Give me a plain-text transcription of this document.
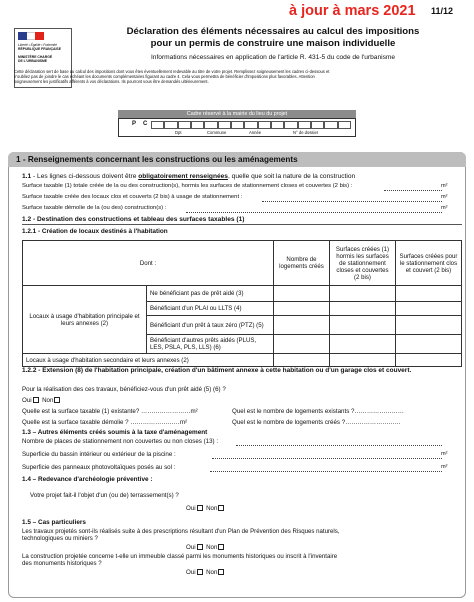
à jour à mars 2021 11/12
Liberté • Égalité • Fraternité
RÉPUBLIQUE FRANÇAISE
MINISTÈRE CHARGÉ
DE L'URBANISME
Déclaration des éléments nécessaires au calcul des impositions
pour un permis de construire une maison individuelle
Informations nécessaires en application de l'article R. 431-5 du code de l'urbanisme
Cette déclaration sert de base au calcul des impositions dont vous êtes éventuellement redevable au titre de votre projet. Remplissez soigneusement les cadres ci-dessous et
n'oubliez pas de joindre le cas échéant les documents complémentaires figurant au cadre 4. Cela vous permettra de bénéficier d'impositions plus favorables. Attention
soigneusement les justificatifs afférents à vos déclarations. Ils pourront vous être demandés ultérieurement.
Cadre réservé à la mairie du lieu du projet
P C
Dpt	Commune	Année	N° de dossier
1 - Renseignements concernant les constructions ou les aménagements
1.1 - Les lignes ci-dessous doivent être obligatoirement renseignées, quelle que soit la nature de la construction
Surface taxable (1) totale créée de la ou des construction(s), hormis les surfaces de stationnement closes et couvertes (2 bis) :	m²
Surface taxable créée des locaux clos et couverts (2 bis) à usage de stationnement :	m²
Surface taxable démolie de la (ou des) construction(s) :	m²
1.2 - Destination des constructions et tableau des surfaces taxables (1)
1.2.1 - Création de locaux destinés à l'habitation
Dont :		Nombre de logements créés	Surfaces créées (1) hormis les surfaces de stationnement closes et couvertes (2 bis)	Surfaces créées pour le stationnement clos et couvert (2 bis)
Locaux à usage d'habitation principale et leurs annexes (2)	Ne bénéficiant pas de prêt aidé (3)			
	Bénéficiant d'un PLAI ou LLTS (4)			
	Bénéficiant d'un prêt à taux zéro (PTZ) (5)			
	Bénéficiant d'autres prêts aidés (PLUS, LES, PSLA, PLS, LLS) (6)			
Locaux à usage d'habitation secondaire et leurs annexes (2)				
1.2.2 - Extension (8) de l'habitation principale, création d'un bâtiment annexe à cette habitation ou d'un garage clos et couvert.
Pour la réalisation des ces travaux, bénéficiez-vous d'un prêt aidé (5) (6) ?
Oui Non
Quelle est la surface taxable (1) existante? ……………………m²	Quel est le nombre de logements existants ?……………………
Quelle est la surface taxable démolie ? ……………………m²	Quel est le nombre de logements créés ?………………………
1.3 – Autres éléments créés soumis à la taxe d'aménagement
Nombre de places de stationnement non couvertes ou non closes (13) :
Superficie du bassin intérieur ou extérieur de la piscine :	m²
Superficie des panneaux photovoltaïques posés au sol :	m²
1.4 – Redevance d'archéologie préventive :
Votre projet fait-il l'objet d'un (ou de) terrassement(s) ?
Oui Non
1.5 – Cas particuliers
Les travaux projetés sont-ils réalisés suite à des prescriptions résultant d'un Plan de Prévention des Risques naturels,
technologiques ou miniers ?
Oui Non
La construction projetée concerne t-elle un immeuble classé parmi les monuments historiques ou inscrit à l'inventaire
des monuments historiques ?
Oui Non
